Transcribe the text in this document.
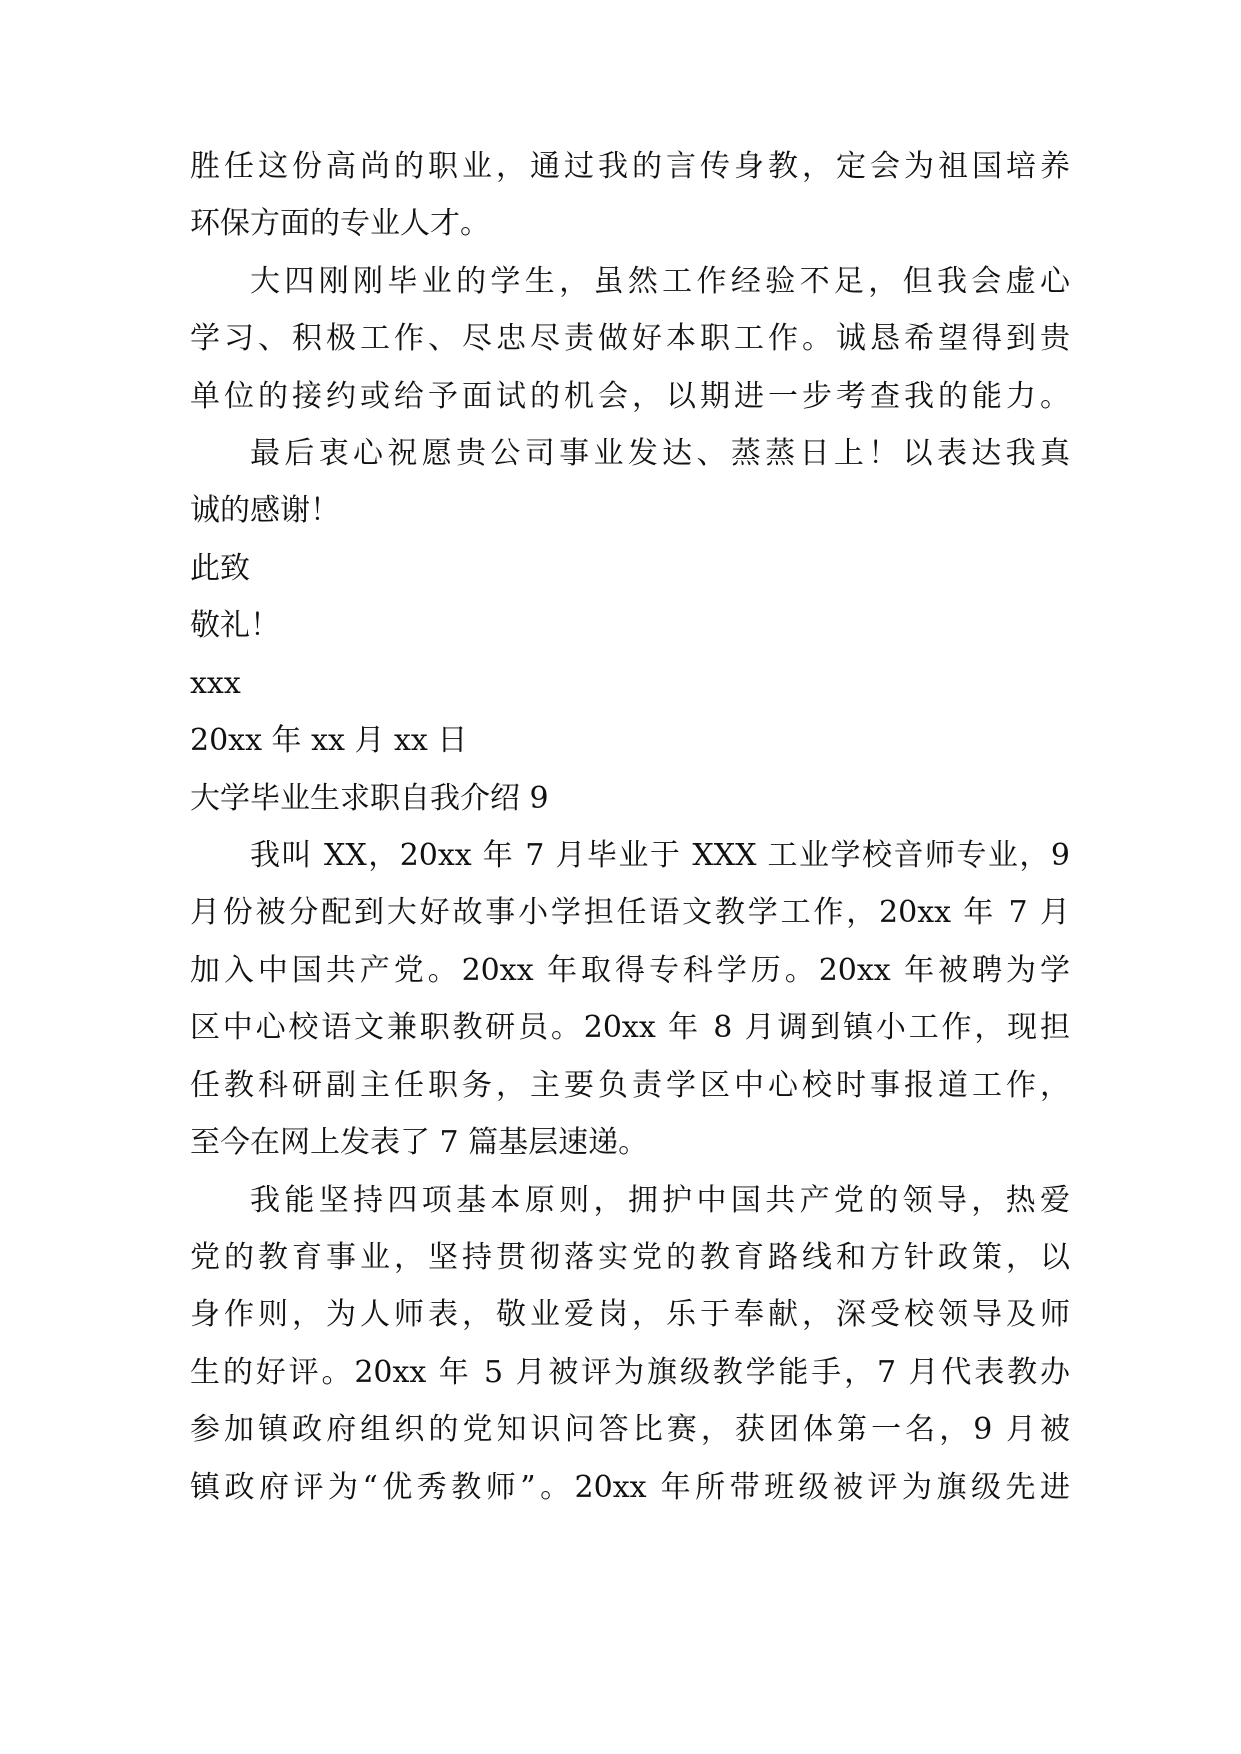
胜任这份高尚的职业，通过我的言传身教，定会为祖国培养
环保方面的专业人才。
大四刚刚毕业的学生，虽然工作经验不足，但我会虚心
学习、积极工作、尽忠尽责做好本职工作。诚恳希望得到贵
单位的接约或给予面试的机会，以期进一步考查我的能力。
最后衷心祝愿贵公司事业发达、蒸蒸日上！以表达我真
诚的感谢！
此致
敬礼！
xxx
20xx 年 xx 月 xx 日
大学毕业生求职自我介绍 9
我叫 XX，20xx 年 7 月毕业于 XXX 工业学校音师专业，9
月份被分配到大好故事小学担任语文教学工作，20xx 年 7 月
加入中国共产党。20xx 年取得专科学历。20xx 年被聘为学
区中心校语文兼职教研员。20xx 年 8 月调到镇小工作，现担
任教科研副主任职务，主要负责学区中心校时事报道工作，
至今在网上发表了 7 篇基层速递。
我能坚持四项基本原则，拥护中国共产党的领导，热爱
党的教育事业，坚持贯彻落实党的教育路线和方针政策，以
身作则，为人师表，敬业爱岗，乐于奉献，深受校领导及师
生的好评。20xx 年 5 月被评为旗级教学能手，7 月代表教办
参加镇政府组织的党知识问答比赛，获团体第一名，9 月被
镇政府评为“优秀教师”。20xx 年所带班级被评为旗级先进
